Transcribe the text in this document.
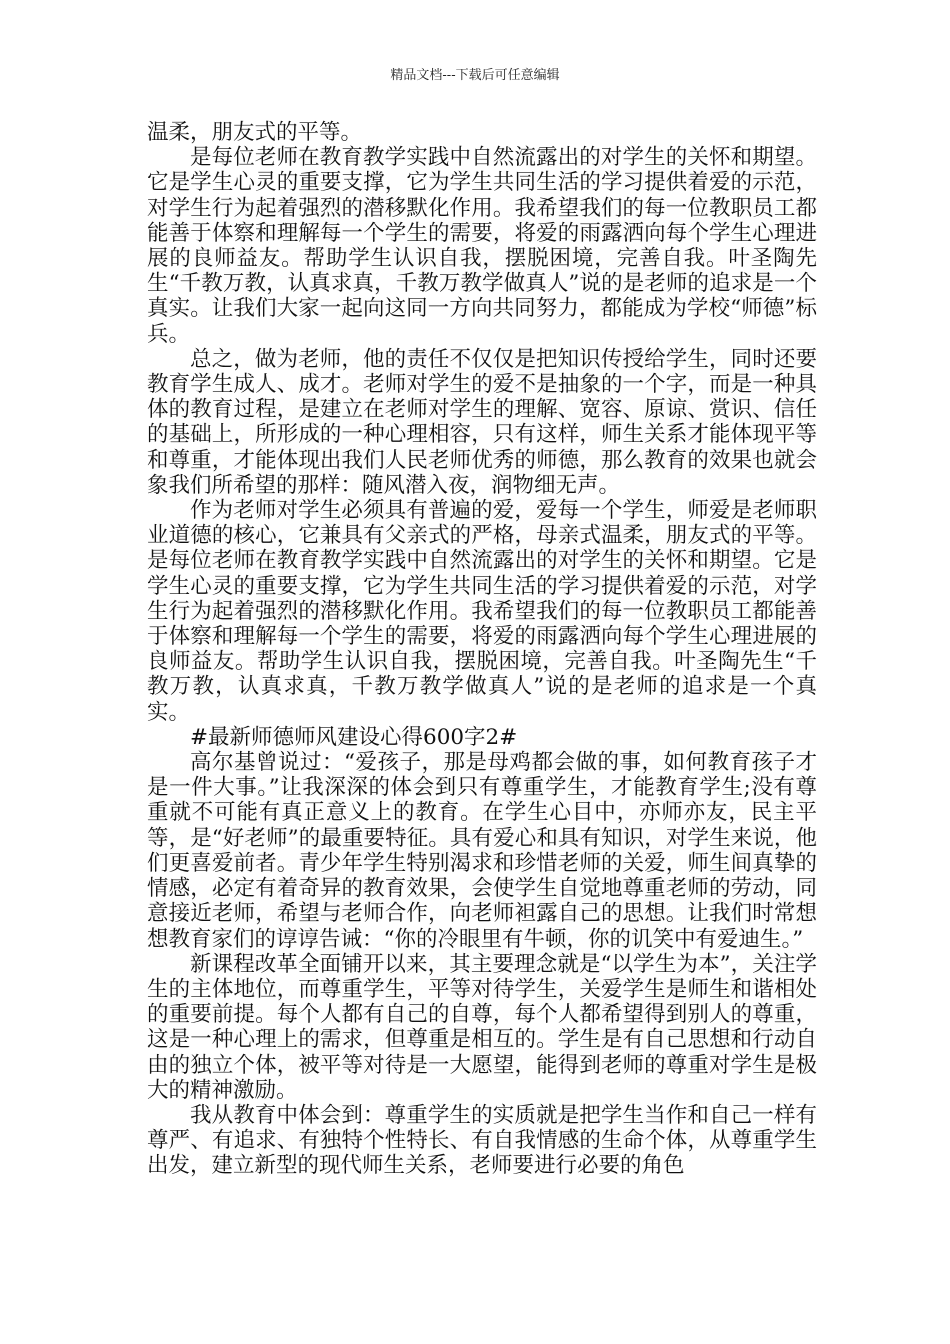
精品文档---下载后可任意编辑

温柔，朋友式的平等。

是每位老师在教育教学实践中自然流露出的对学生的关怀和期望。它是学生心灵的重要支撑，它为学生共同生活的学习提供着爱的示范，对学生行为起着强烈的潜移默化作用。我希望我们的每一位教职员工都能善于体察和理解每一个学生的需要，将爱的雨露洒向每个学生心理进展的良师益友。帮助学生认识自我，摆脱困境，完善自我。叶圣陶先生“千教万教，认真求真，千教万教学做真人”说的是老师的追求是一个真实。让我们大家一起向这同一方向共同努力，都能成为学校“师德”标兵。

总之，做为老师，他的责任不仅仅是把知识传授给学生，同时还要教育学生成人、成才。老师对学生的爱不是抽象的一个字，而是一种具体的教育过程，是建立在老师对学生的理解、宽容、原谅、赏识、信任的基础上，所形成的一种心理相容，只有这样，师生关系才能体现平等和尊重，才能体现出我们人民老师优秀的师德，那么教育的效果也就会象我们所希望的那样：随风潜入夜，润物细无声。

作为老师对学生必须具有普遍的爱，爱每一个学生，师爱是老师职业道德的核心，它兼具有父亲式的严格，母亲式温柔，朋友式的平等。是每位老师在教育教学实践中自然流露出的对学生的关怀和期望。它是学生心灵的重要支撑，它为学生共同生活的学习提供着爱的示范，对学生行为起着强烈的潜移默化作用。我希望我们的每一位教职员工都能善于体察和理解每一个学生的需要，将爱的雨露洒向每个学生心理进展的良师益友。帮助学生认识自我，摆脱困境，完善自我。叶圣陶先生“千教万教，认真求真，千教万教学做真人”说的是老师的追求是一个真实。

#最新师德师风建设心得600字2#

高尔基曾说过：“爱孩子，那是母鸡都会做的事，如何教育孩子才是一件大事。”让我深深的体会到只有尊重学生，才能教育学生;没有尊重就不可能有真正意义上的教育。在学生心目中，亦师亦友，民主平等，是“好老师”的最重要特征。具有爱心和具有知识，对学生来说，他们更喜爱前者。青少年学生特别渴求和珍惜老师的关爱，师生间真挚的情感，必定有着奇异的教育效果，会使学生自觉地尊重老师的劳动，同意接近老师，希望与老师合作，向老师袒露自己的思想。让我们时常想想教育家们的谆谆告诫：“你的冷眼里有牛顿，你的讥笑中有爱迪生。”

新课程改革全面铺开以来，其主要理念就是“以学生为本”，关注学生的主体地位，而尊重学生，平等对待学生，关爱学生是师生和谐相处的重要前提。每个人都有自己的自尊，每个人都希望得到别人的尊重，这是一种心理上的需求，但尊重是相互的。学生是有自己思想和行动自由的独立个体，被平等对待是一大愿望，能得到老师的尊重对学生是极大的精神激励。

我从教育中体会到：尊重学生的实质就是把学生当作和自己一样有尊严、有追求、有独特个性特长、有自我情感的生命个体，从尊重学生出发，建立新型的现代师生关系，老师要进行必要的角色
